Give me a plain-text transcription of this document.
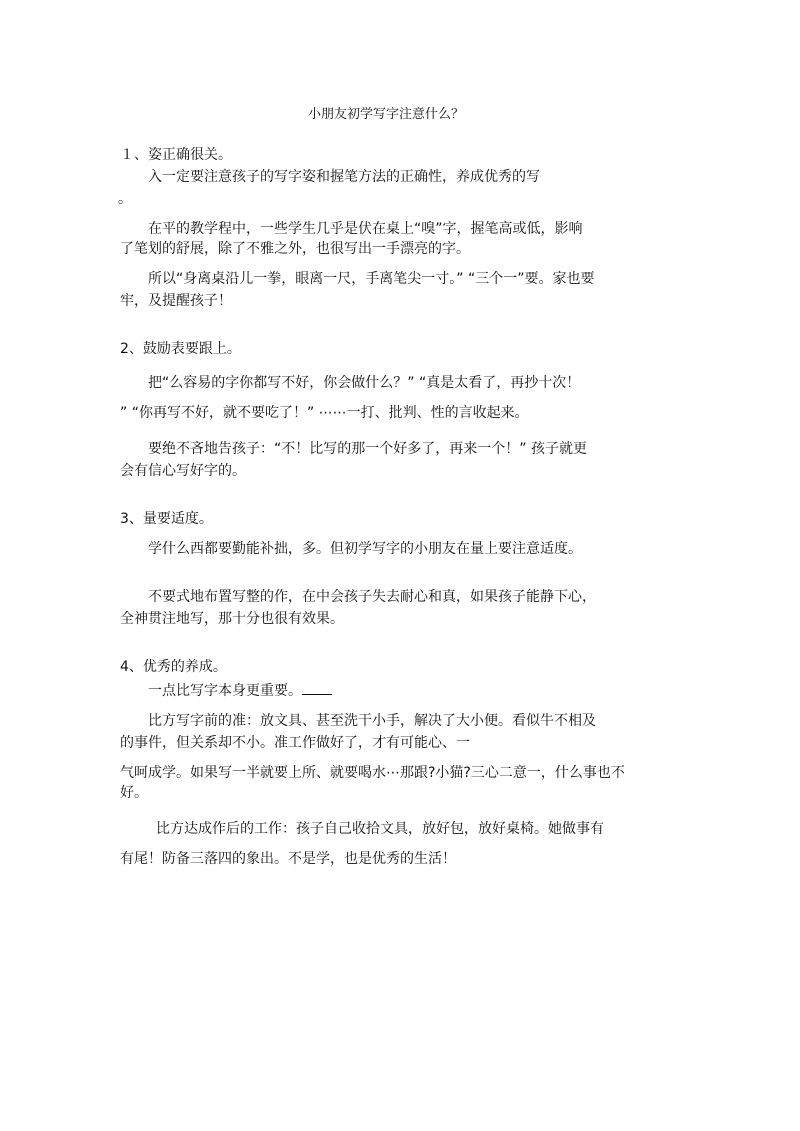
小朋友初学写字注意什么？
１、姿正确很关。
入一定要注意孩子的写字姿和握笔方法的正确性，养成优秀的写
。
在平的教学程中，一些学生几乎是伏在桌上“嗅”字，握笔高或低，影响
了笔划的舒展，除了不雅之外，也很写出一手漂亮的字。
所以“身离桌沿儿一拳，眼离一尺，手离笔尖一寸。” “三个一”要。家也要
牢，及提醒孩子！
2、鼓励表要跟上。
把“么容易的字你都写不好，你会做什么？” “真是太看了，再抄十次！
” “你再写不好，就不要吃了！” ⋯⋯一打、批判、性的言收起来。
要绝不吝地告孩子：“不！比写的那一个好多了，再来一个！” 孩子就更
会有信心写好字的。
3、量要适度。
学什么西都要勤能补拙，多。但初学写字的小朋友在量上要注意适度。
不要式地布置写整的作，在中会孩子失去耐心和真，如果孩子能静下心，
全神贯注地写，那十分也很有效果。
4、优秀的养成。
一点比写字本身更重要。
比方写字前的准：放文具、甚至洗干小手，解决了大小便。看似牛不相及
的事件，但关系却不小。准工作做好了，才有可能心、一
气呵成学。如果写一半就要上所、就要喝水⋯那跟?小猫?三心二意一，什么事也不
好。
比方达成作后的工作：孩子自己收拾文具，放好包，放好桌椅。她做事有
有尾！防备三落四的象出。不是学，也是优秀的生活！
